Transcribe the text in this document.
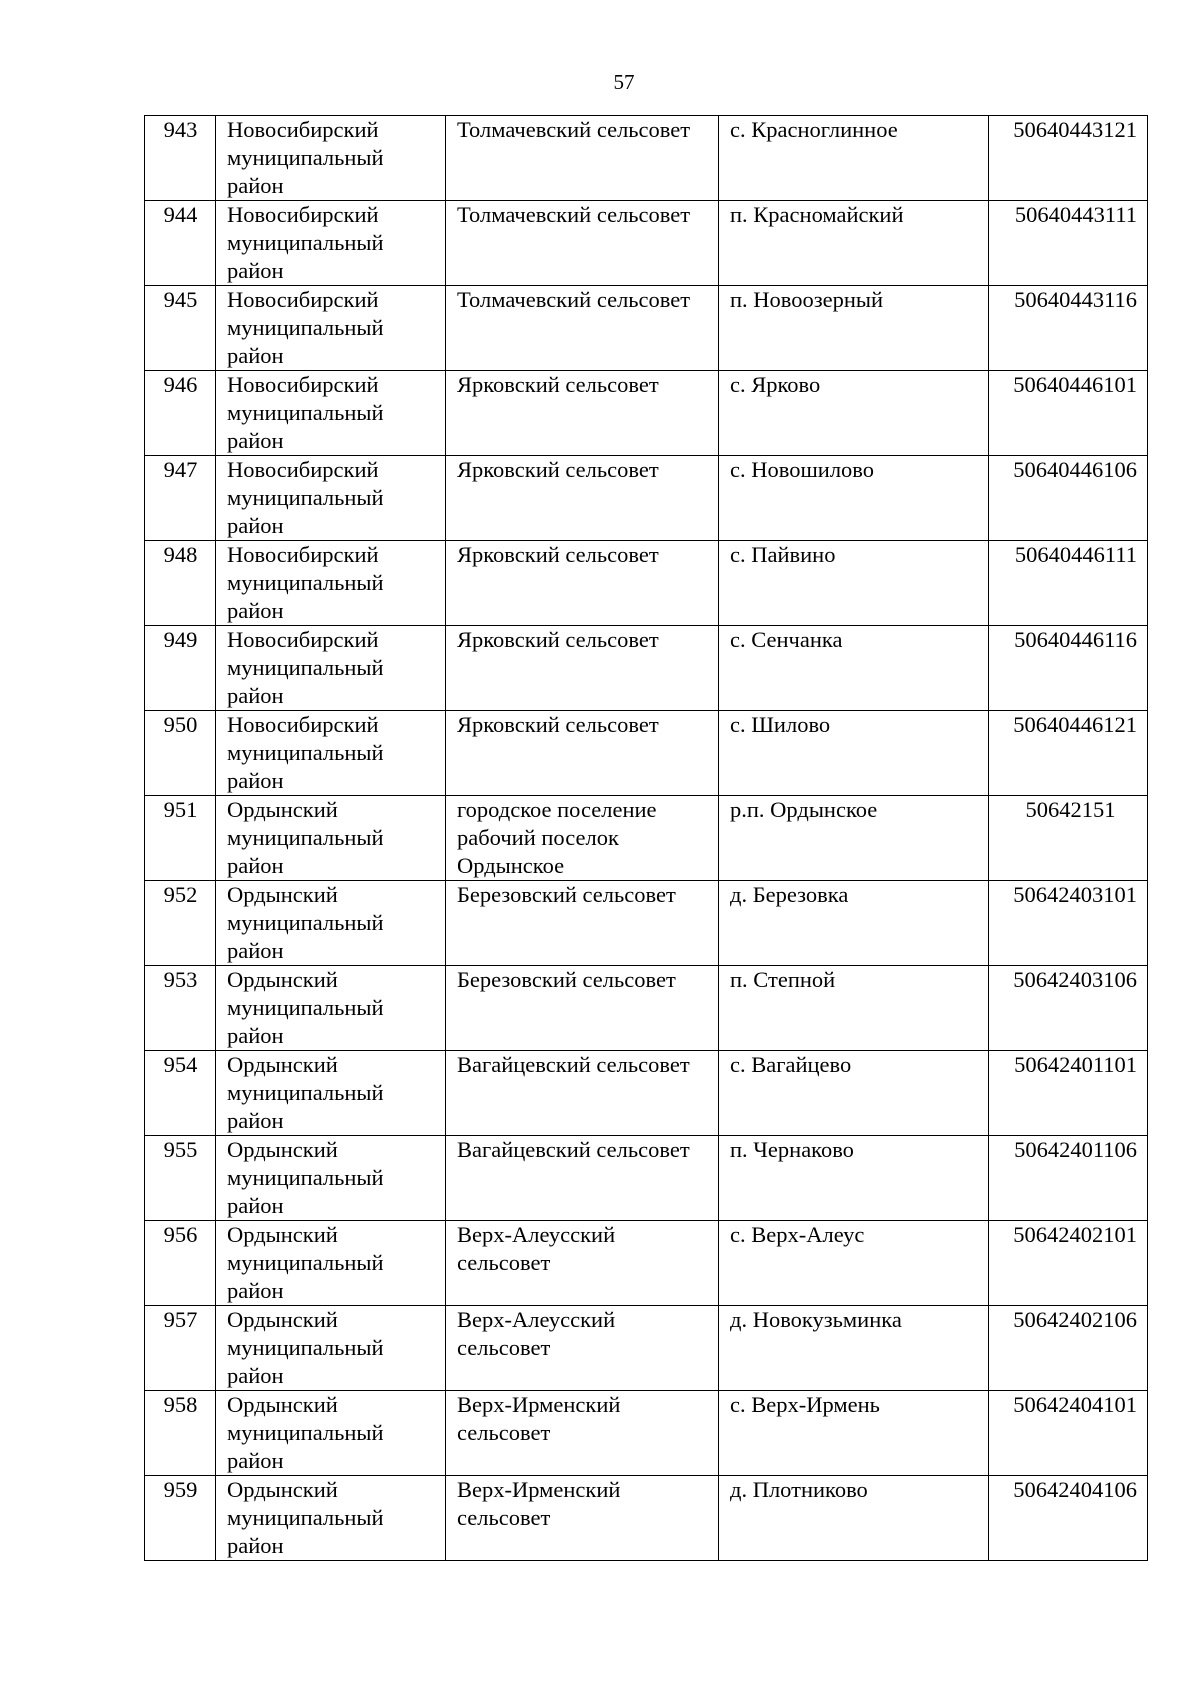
57
943	Новосибирский муниципальный район	Толмачевский сельсовет	с. Красноглинное	50640443121
944	Новосибирский муниципальный район	Толмачевский сельсовет	п. Красномайский	50640443111
945	Новосибирский муниципальный район	Толмачевский сельсовет	п. Новоозерный	50640443116
946	Новосибирский муниципальный район	Ярковский сельсовет	с. Ярково	50640446101
947	Новосибирский муниципальный район	Ярковский сельсовет	с. Новошилово	50640446106
948	Новосибирский муниципальный район	Ярковский сельсовет	с. Пайвино	50640446111
949	Новосибирский муниципальный район	Ярковский сельсовет	с. Сенчанка	50640446116
950	Новосибирский муниципальный район	Ярковский сельсовет	с. Шилово	50640446121
951	Ордынский муниципальный район	городское поселение рабочий поселок Ордынское	р.п. Ордынское	50642151
952	Ордынский муниципальный район	Березовский сельсовет	д. Березовка	50642403101
953	Ордынский муниципальный район	Березовский сельсовет	п. Степной	50642403106
954	Ордынский муниципальный район	Вагайцевский сельсовет	с. Вагайцево	50642401101
955	Ордынский муниципальный район	Вагайцевский сельсовет	п. Чернаково	50642401106
956	Ордынский муниципальный район	Верх-Алеусский сельсовет	с. Верх-Алеус	50642402101
957	Ордынский муниципальный район	Верх-Алеусский сельсовет	д. Новокузьминка	50642402106
958	Ордынский муниципальный район	Верх-Ирменский сельсовет	с. Верх-Ирмень	50642404101
959	Ордынский муниципальный район	Верх-Ирменский сельсовет	д. Плотниково	50642404106
